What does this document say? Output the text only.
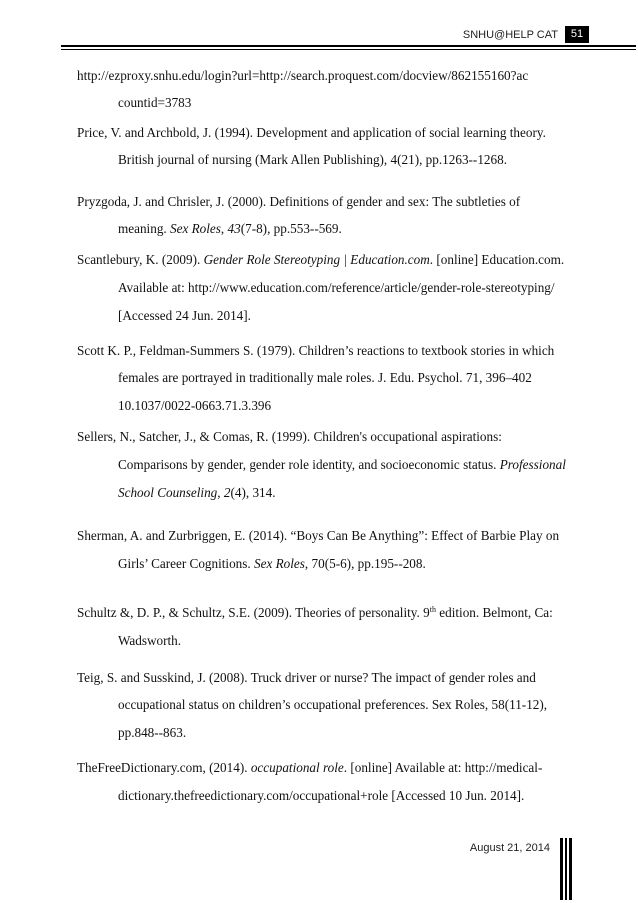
SNHU@HELP CAT	51
http://ezproxy.snhu.edu/login?url=http://search.proquest.com/docview/862155160?ac
countid=3783
Price, V. and Archbold, J. (1994). Development and application of social learning theory.
British journal of nursing (Mark Allen Publishing), 4(21), pp.1263--1268.
Pryzgoda, J. and Chrisler, J. (2000). Definitions of gender and sex: The subtleties of
meaning. Sex Roles, 43(7-8), pp.553--569.
Scantlebury, K. (2009). Gender Role Stereotyping | Education.com. [online] Education.com.
Available at: http://www.education.com/reference/article/gender-role-stereotyping/
[Accessed 24 Jun. 2014].
Scott K. P., Feldman-Summers S. (1979). Children’s reactions to textbook stories in which
females are portrayed in traditionally male roles. J. Edu. Psychol. 71, 396–402
10.1037/0022-0663.71.3.396
Sellers, N., Satcher, J., & Comas, R. (1999). Children's occupational aspirations:
Comparisons by gender, gender role identity, and socioeconomic status. Professional
School Counseling, 2(4), 314.
Sherman, A. and Zurbriggen, E. (2014). “Boys Can Be Anything”: Effect of Barbie Play on
Girls’ Career Cognitions. Sex Roles, 70(5-6), pp.195--208.
Schultz &, D. P., & Schultz, S.E. (2009). Theories of personality. 9th edition. Belmont, Ca:
Wadsworth.
Teig, S. and Susskind, J. (2008). Truck driver or nurse? The impact of gender roles and
occupational status on children’s occupational preferences. Sex Roles, 58(11-12),
pp.848--863.
TheFreeDictionary.com, (2014). occupational role. [online] Available at: http://medical-
dictionary.thefreedictionary.com/occupational+role [Accessed 10 Jun. 2014].
August 21, 2014
